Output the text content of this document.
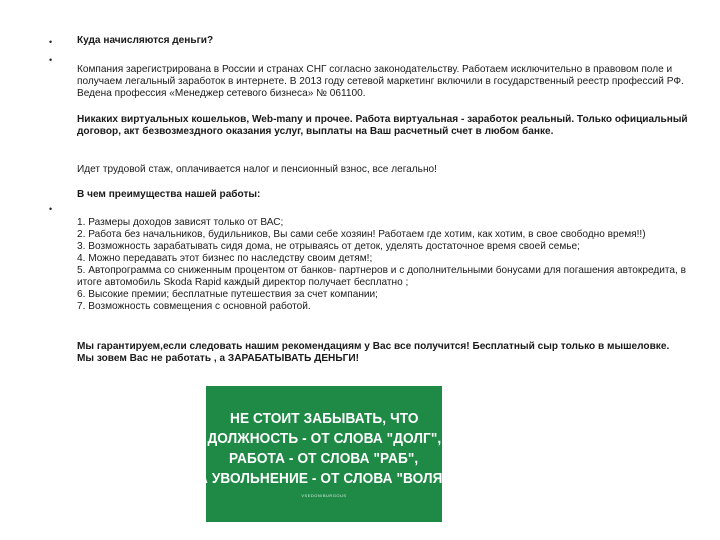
•
•
•
Куда начисляются деньги?
Компания зарегистрирована в России и странах СНГ согласно законодательству. Работаем исключительно в правовом поле и получаем легальный заработок в интернете. В 2013 году сетевой маркетинг включили в государственный реестр профессий РФ. Ведена профессия «Менеджер сетевого бизнеса» № 061100.
Никаких виртуальных кошельков, Web-many и прочее. Работа виртуальная - заработок реальный. Только официальный договор, акт безвозмездного оказания услуг, выплаты на Ваш расчетный счет в любом банке.
Идет трудовой стаж, оплачивается налог и пенсионный взнос, все легально!
В чем преимущества нашей работы:
1. Размеры доходов зависят только от ВАС;
2. Работа без начальников, будильников, Вы сами себе хозяин! Работаем где хотим, как хотим, в свое свободно время!!)
3. Возможность зарабатывать сидя дома, не отрываясь от деток, уделять достаточное время своей семье;
4. Можно передавать этот бизнес по наследству своим детям!;
5. Автопрограмма со сниженным процентом от банков- партнеров и с дополнительными бонусами для погашения автокредита, в итоге автомобиль Skoda Rapid каждый директор получает бесплатно ;
6. Высокие премии; бесплатные путешествия за счет компании;
7. Возможность совмещения с основной работой.
Мы гарантируем,если следовать нашим рекомендациям у Вас все получится! Бесплатный сыр только в мышеловке. Мы зовем Вас не работать , а ЗАРАБАТЫВАТЬ ДЕНЬГИ!
НЕ СТОИТ ЗАБЫВАТЬ, ЧТО
ДОЛЖНОСТЬ - ОТ СЛОВА "ДОЛГ",
РАБОТА - ОТ СЛОВА "РАБ",
А УВОЛЬНЕНИЕ - ОТ СЛОВА "ВОЛЯ"
VSEDONIBURGOUS
